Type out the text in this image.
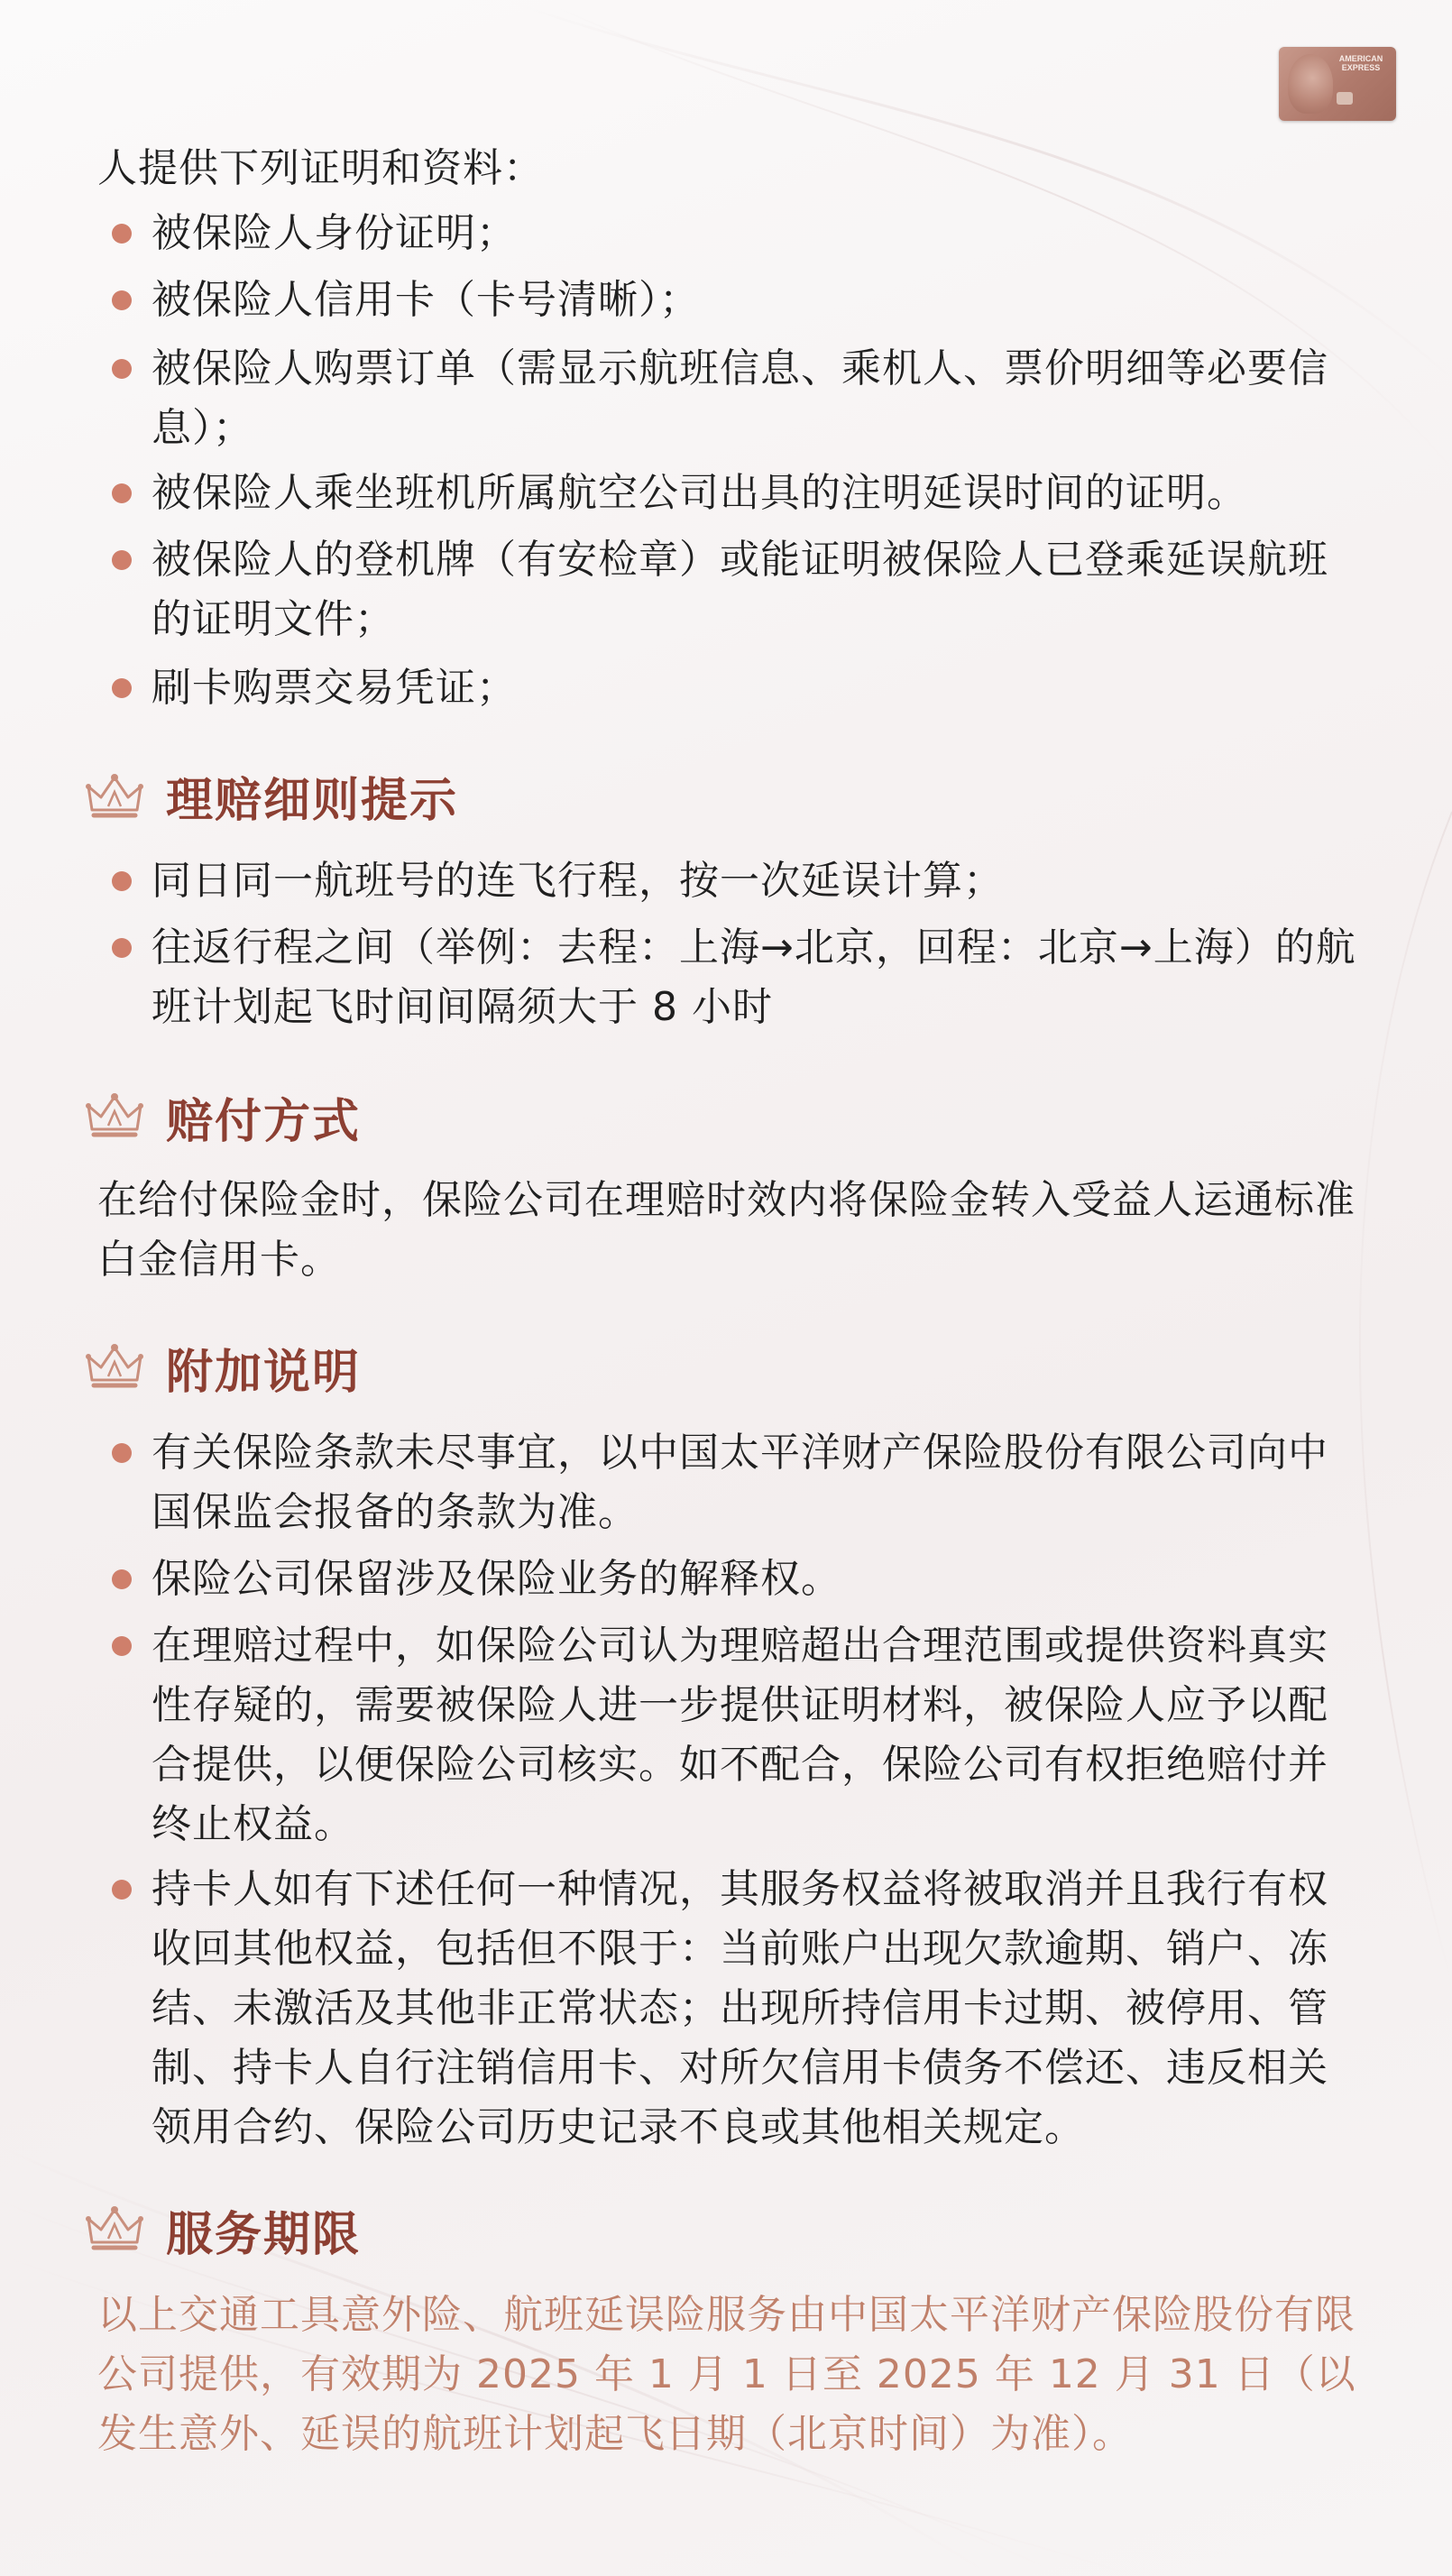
AMERICAN EXPRESS
人提供下列证明和资料：
被保险人身份证明；
被保险人信用卡（卡号清晰）；
被保险人购票订单（需显示航班信息、乘机人、票价明细等必要信息）；
被保险人乘坐班机所属航空公司出具的注明延误时间的证明。
被保险人的登机牌（有安检章）或能证明被保险人已登乘延误航班的证明文件；
刷卡购票交易凭证；
理赔细则提示
同日同一航班号的连飞行程，按一次延误计算；
往返行程之间（举例：去程：上海→北京，回程：北京→上海）的航班计划起飞时间间隔须大于 8 小时
赔付方式
在给付保险金时，保险公司在理赔时效内将保险金转入受益人运通标准白金信用卡。
附加说明
有关保险条款未尽事宜，以中国太平洋财产保险股份有限公司向中国保监会报备的条款为准。
保险公司保留涉及保险业务的解释权。
在理赔过程中，如保险公司认为理赔超出合理范围或提供资料真实性存疑的，需要被保险人进一步提供证明材料，被保险人应予以配合提供，以便保险公司核实。如不配合，保险公司有权拒绝赔付并终止权益。
持卡人如有下述任何一种情况，其服务权益将被取消并且我行有权收回其他权益，包括但不限于：当前账户出现欠款逾期、销户、冻结、未激活及其他非正常状态；出现所持信用卡过期、被停用、管制、持卡人自行注销信用卡、对所欠信用卡债务不偿还、违反相关领用合约、保险公司历史记录不良或其他相关规定。
服务期限
以上交通工具意外险、航班延误险服务由中国太平洋财产保险股份有限公司提供，有效期为 2025 年 1 月 1 日至 2025 年 12 月 31 日（以发生意外、延误的航班计划起飞日期（北京时间）为准）。
